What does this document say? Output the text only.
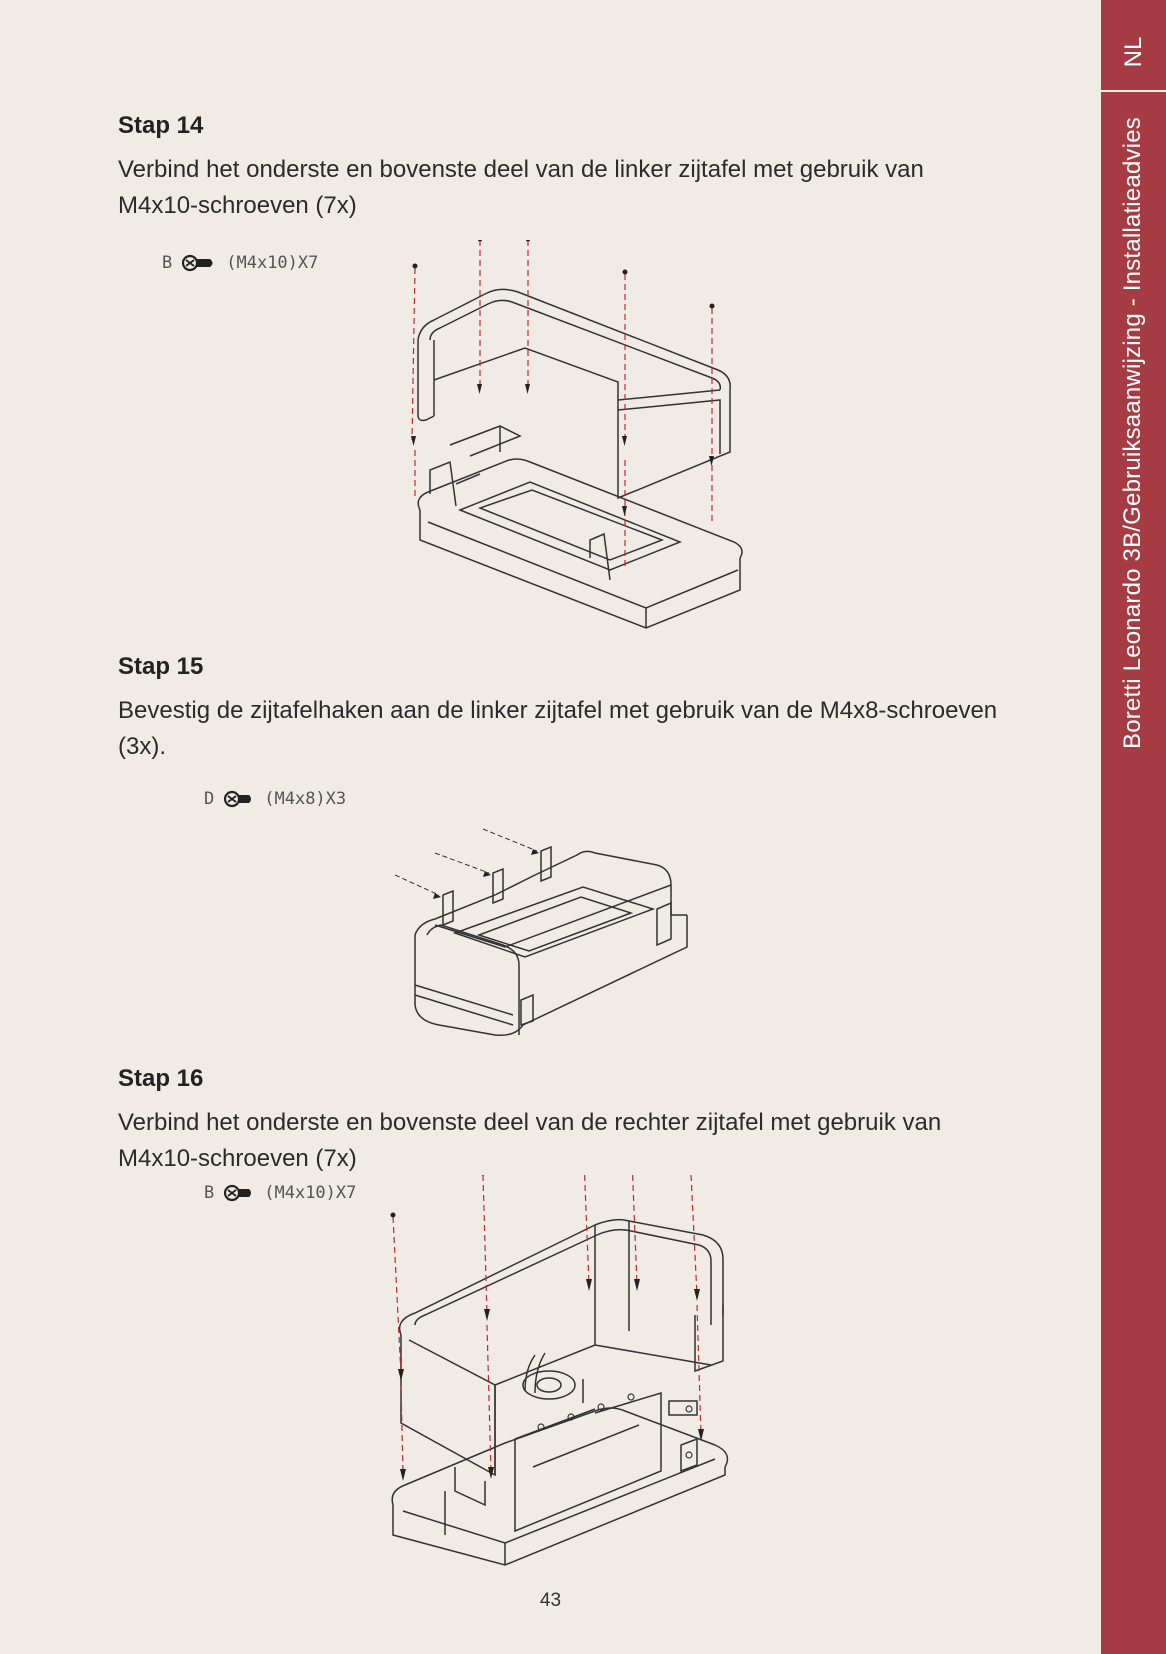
NL
Boretti Leonardo 3B/Gebruiksaanwijzing - Installatieadvies
Stap 14
Verbind het onderste en bovenste deel van de linker zijtafel met gebruik van M4x10-schroeven (7x)
B	(M4x10)X7
Stap 15
Bevestig de zijtafelhaken aan de linker zijtafel met gebruik van de M4x8-schroeven (3x).
D	(M4x8)X3
Stap 16
Verbind het onderste en bovenste deel van de rechter zijtafel met gebruik van M4x10-schroeven (7x)
B	(M4x10)X7
43
